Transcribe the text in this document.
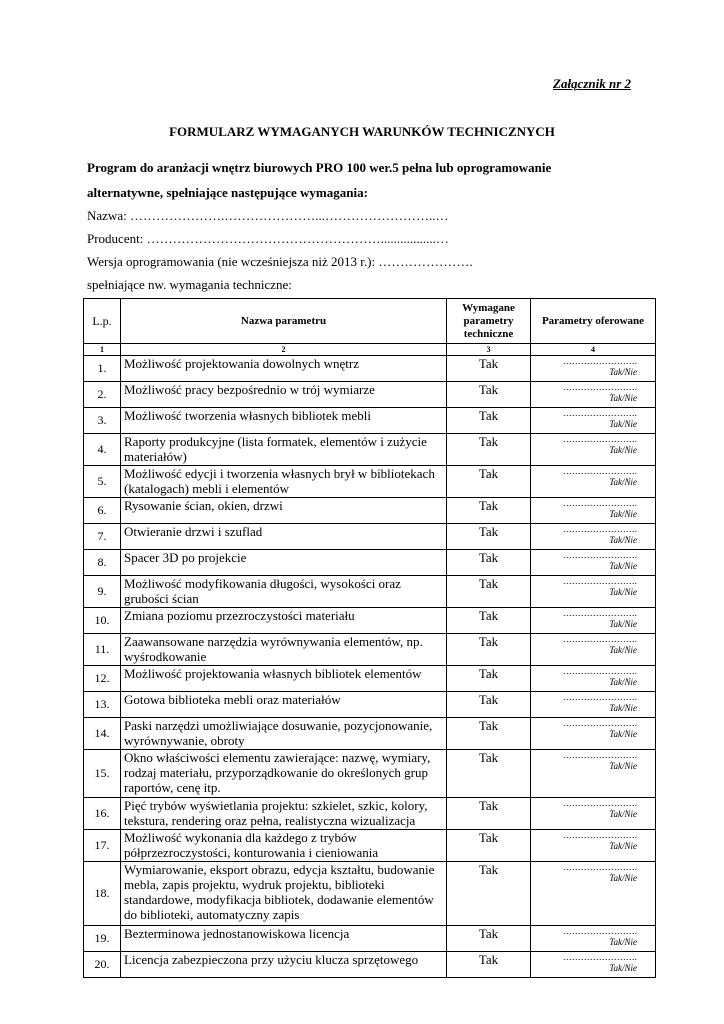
Załącznik nr 2
FORMULARZ WYMAGANYCH WARUNKÓW TECHNICZNYCH
Program do aranżacji wnętrz biurowych PRO 100 wer.5 pełna lub oprogramowanie
alternatywne, spełniające następujące wymagania:
Nazwa: ………………….…………………...……………………..…
Producent: ……………………………………………….................…
Wersja oprogramowania (nie wcześniejsza niż 2013 r.): ………………….
spełniające nw. wymagania techniczne:
L.p.	Nazwa parametru	Wymagane parametry techniczne	Parametry oferowane
1	2	3	4
1.	Możliwość projektowania dowolnych wnętrz	Tak	…………………….
Tak/Nie

2.	Możliwość pracy bezpośrednio w trój wymiarze	Tak	…………………….
Tak/Nie

3.	Możliwość tworzenia własnych bibliotek mebli	Tak	…………………….
Tak/Nie

4.	Raporty produkcyjne (lista formatek, elementów i zużycie materiałów)	Tak	…………………….
Tak/Nie

5.	Możliwość edycji i tworzenia własnych brył w bibliotekach (katalogach) mebli i elementów	Tak	…………………….
Tak/Nie

6.	Rysowanie ścian, okien, drzwi	Tak	…………………….
Tak/Nie

7.	Otwieranie drzwi i szuflad	Tak	…………………….
Tak/Nie

8.	Spacer 3D po projekcie	Tak	…………………….
Tak/Nie

9.	Możliwość modyfikowania długości, wysokości oraz grubości ścian	Tak	…………………….
Tak/Nie

10.	Zmiana poziomu przezroczystości materiału	Tak	…………………….
Tak/Nie

11.	Zaawansowane narzędzia wyrównywania elementów, np. wyśrodkowanie	Tak	…………………….
Tak/Nie

12.	Możliwość projektowania własnych bibliotek elementów	Tak	…………………….
Tak/Nie

13.	Gotowa biblioteka mebli oraz materiałów	Tak	…………………….
Tak/Nie

14.	Paski narzędzi umożliwiające dosuwanie, pozycjonowanie, wyrównywanie, obroty	Tak	…………………….
Tak/Nie

15.	Okno właściwości elementu zawierające: nazwę, wymiary, rodzaj materiału, przyporządkowanie do określonych grup raportów, cenę itp.	Tak	…………………….
Tak/Nie

16.	Pięć trybów wyświetlania projektu: szkielet, szkic, kolory, tekstura, rendering oraz pełna, realistyczna wizualizacja	Tak	…………………….
Tak/Nie

17.	Możliwość wykonania dla każdego z trybów półprzezroczystości, konturowania i cieniowania	Tak	…………………….
Tak/Nie

18.	Wymiarowanie, eksport obrazu, edycja kształtu, budowanie mebla, zapis projektu, wydruk projektu, biblioteki standardowe, modyfikacja bibliotek, dodawanie elementów do biblioteki, automatyczny zapis	Tak	…………………….
Tak/Nie

19.	Bezterminowa jednostanowiskowa licencja	Tak	…………………….
Tak/Nie

20.	Licencja zabezpieczona przy użyciu klucza sprzętowego	Tak	…………………….
Tak/Nie
